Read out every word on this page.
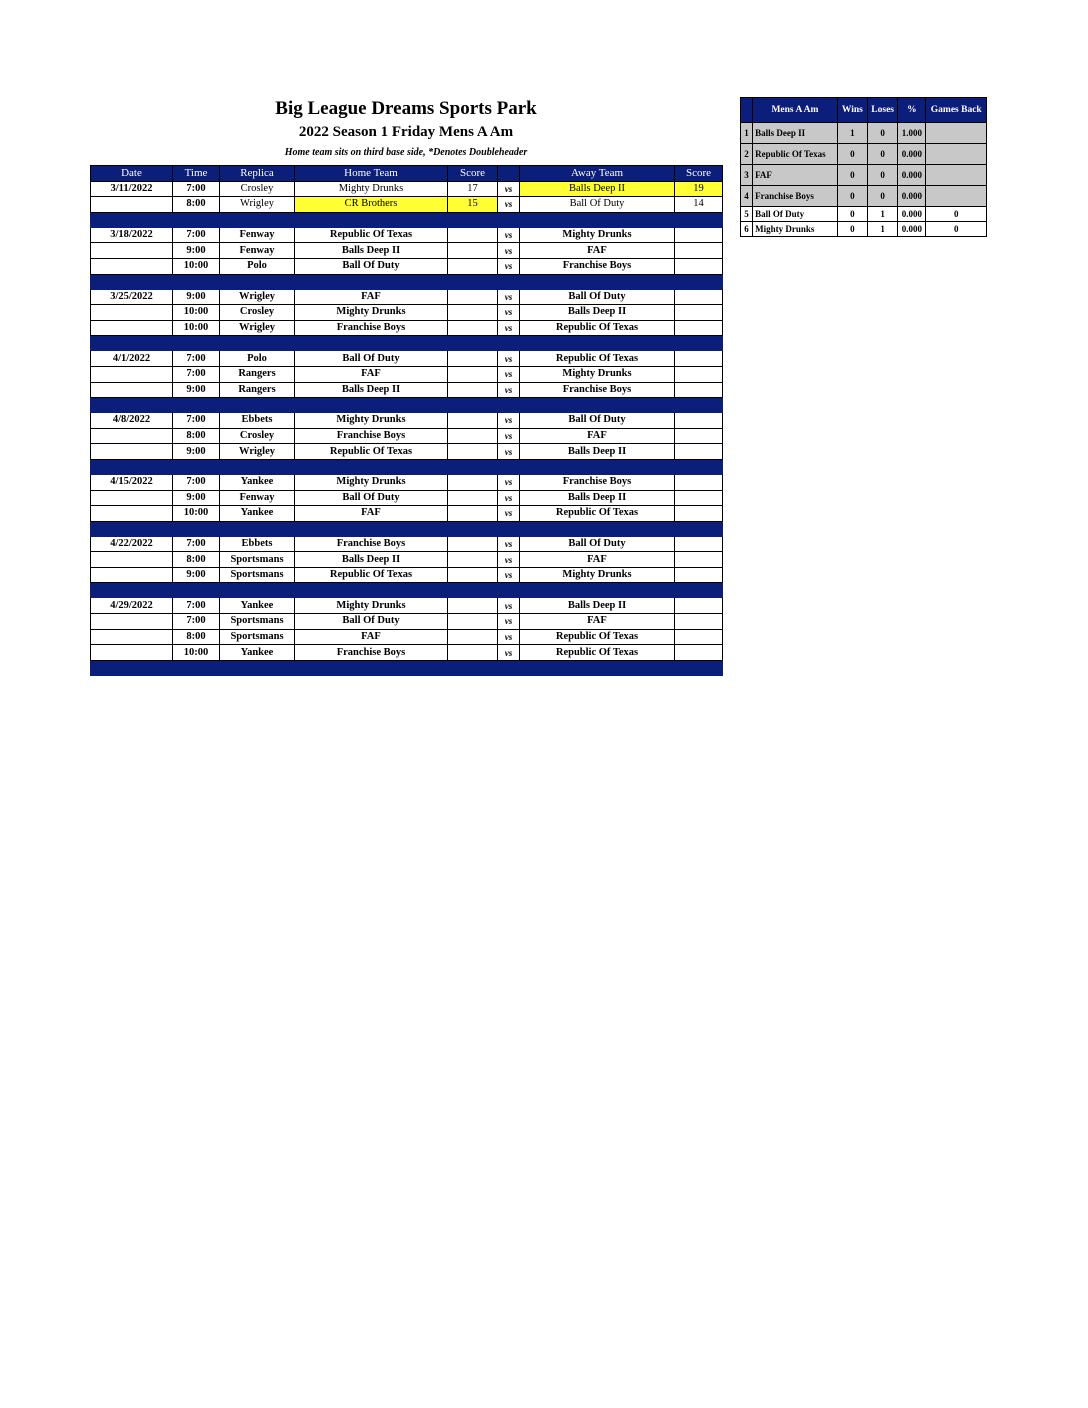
Big League Dreams Sports Park
2022 Season 1 Friday Mens A Am
Home team sits on third base side, *Denotes Doubleheader
Date	Time	Replica	Home Team	Score		Away Team	Score
3/11/2022	7:00	Crosley	Mighty Drunks	17	vs	Balls Deep II	19
	8:00	Wrigley	CR Brothers	15	vs	Ball Of Duty	14

3/18/2022	7:00	Fenway	Republic Of Texas		vs	Mighty Drunks	
	9:00	Fenway	Balls Deep II		vs	FAF	
	10:00	Polo	Ball Of Duty		vs	Franchise Boys	

3/25/2022	9:00	Wrigley	FAF		vs	Ball Of Duty	
	10:00	Crosley	Mighty Drunks		vs	Balls Deep II	
	10:00	Wrigley	Franchise Boys		vs	Republic Of Texas	

4/1/2022	7:00	Polo	Ball Of Duty		vs	Republic Of Texas	
	7:00	Rangers	FAF		vs	Mighty Drunks	
	9:00	Rangers	Balls Deep II		vs	Franchise Boys	

4/8/2022	7:00	Ebbets	Mighty Drunks		vs	Ball Of Duty	
	8:00	Crosley	Franchise Boys		vs	FAF	
	9:00	Wrigley	Republic Of Texas		vs	Balls Deep II	

4/15/2022	7:00	Yankee	Mighty Drunks		vs	Franchise Boys	
	9:00	Fenway	Ball Of Duty		vs	Balls Deep II	
	10:00	Yankee	FAF		vs	Republic Of Texas	

4/22/2022	7:00	Ebbets	Franchise Boys		vs	Ball Of Duty	
	8:00	Sportsmans	Balls Deep II		vs	FAF	
	9:00	Sportsmans	Republic Of Texas		vs	Mighty Drunks	

4/29/2022	7:00	Yankee	Mighty Drunks		vs	Balls Deep II	
	7:00	Sportsmans	Ball Of Duty		vs	FAF	
	8:00	Sportsmans	FAF		vs	Republic Of Texas	
	10:00	Yankee	Franchise Boys		vs	Republic Of Texas	

	Mens A Am	Wins	Loses	%	Games Back
1	Balls Deep II	1	0	1.000	
2	Republic Of Texas	0	0	0.000	
3	FAF	0	0	0.000	
4	Franchise Boys	0	0	0.000	
5	Ball Of Duty	0	1	0.000	0
6	Mighty Drunks	0	1	0.000	0
